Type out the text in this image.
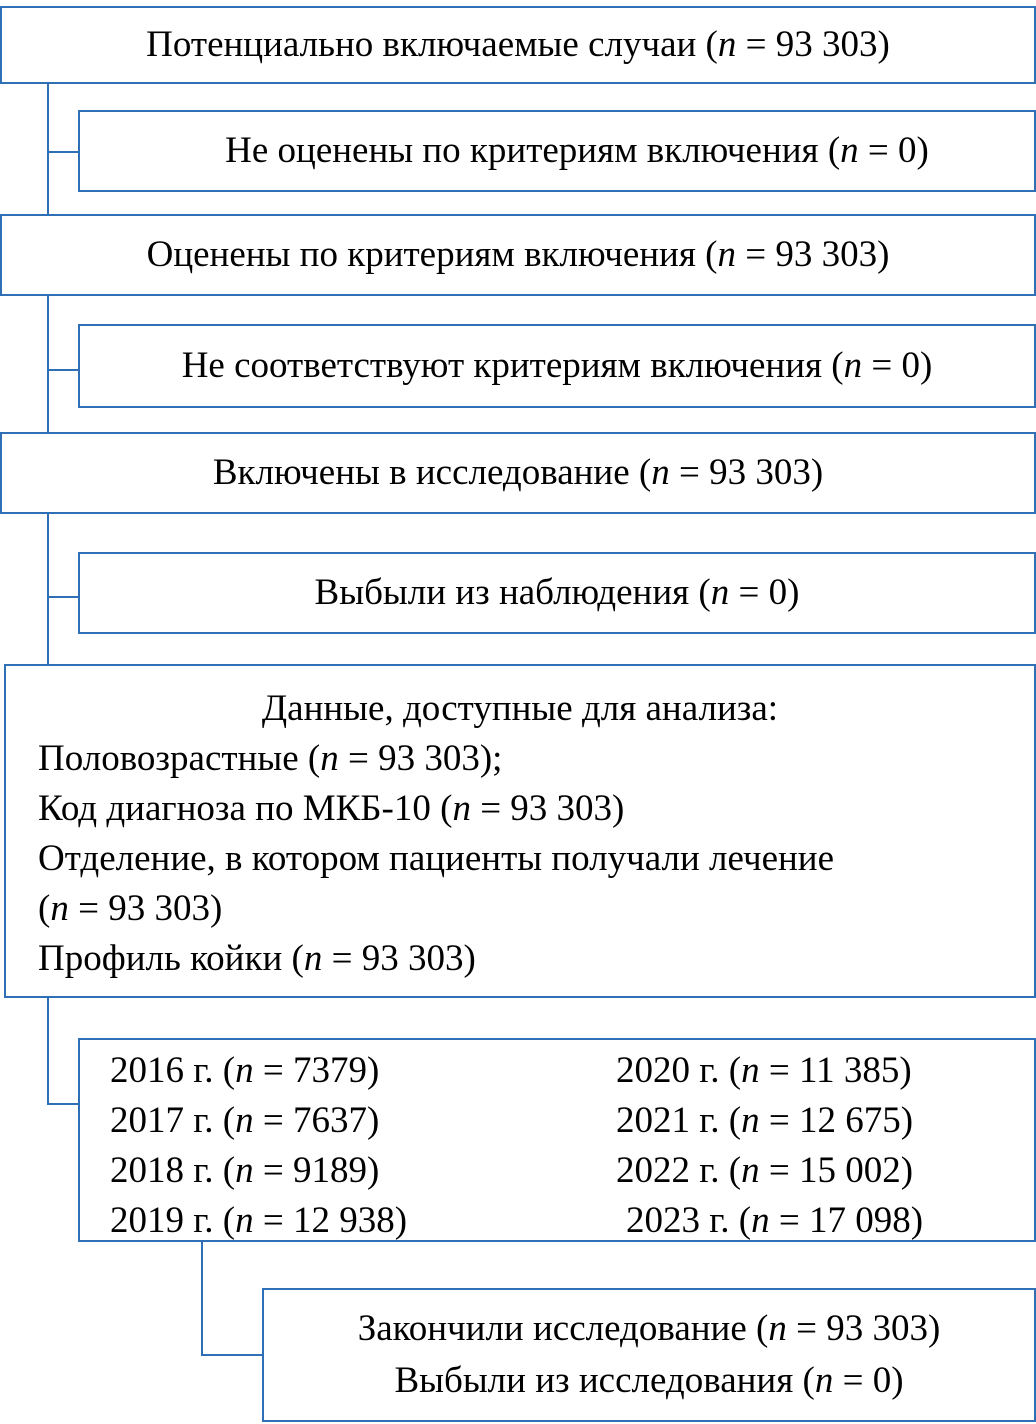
Потенциально включаемые случаи (n = 93 303)
Не оценены по критериям включения (n = 0)
Оценены по критериям включения (n = 93 303)
Не соответствуют критериям включения (n = 0)
Включены в исследование (n = 93 303)
Выбыли из наблюдения (n = 0)
Данные, доступные для анализа:
Половозрастные (n = 93 303);
Код диагноза по МКБ-10 (n = 93 303)
Отделение, в котором пациенты получали лечение
(n = 93 303)
Профиль койки (n = 93 303)
2016 г. (n = 7379)
2017 г. (n = 7637)
2018 г. (n = 9189)
2019 г. (n = 12 938)
2020 г. (n = 11 385)
2021 г. (n = 12 675)
2022 г. (n = 15 002)
2023 г. (n = 17 098)
Закончили исследование (n = 93 303)
Выбыли из исследования (n = 0)
